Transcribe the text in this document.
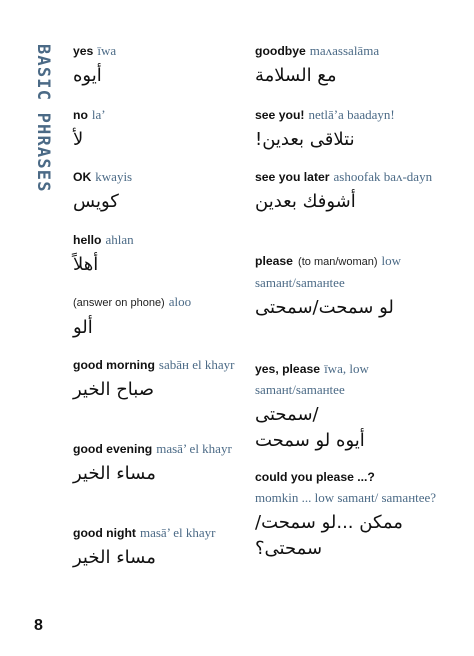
BASIC PHRASES yes īwa
أيوه
no la’
لأ
OK kwayis
كويس
hello ahlan
أهلاً
(answer on phone) aloo
ألو
good morning sabāн el khayr
صباح الخير
good evening masā’ el khayr
مساء الخير
good night masā’ el khayr
مساء الخير
goodbye maʌassalāma
مع السلامة
see you! netlā’a baadayn!
نتلاقى بعدين!
see you later ashoofak baʌ-dayn
أشوفك بعدين
please (to man/woman) low samaнt/samaнtee
لو سمحت/سمحتى
yes, please īwa, low samaнt/samaнtee
/سمحتى
أيوه لو سمحت
could you please ...?
momkin ... low samaнt/ samaнtee?
ممكن ...لو سمحت/
سمحتى؟
8
